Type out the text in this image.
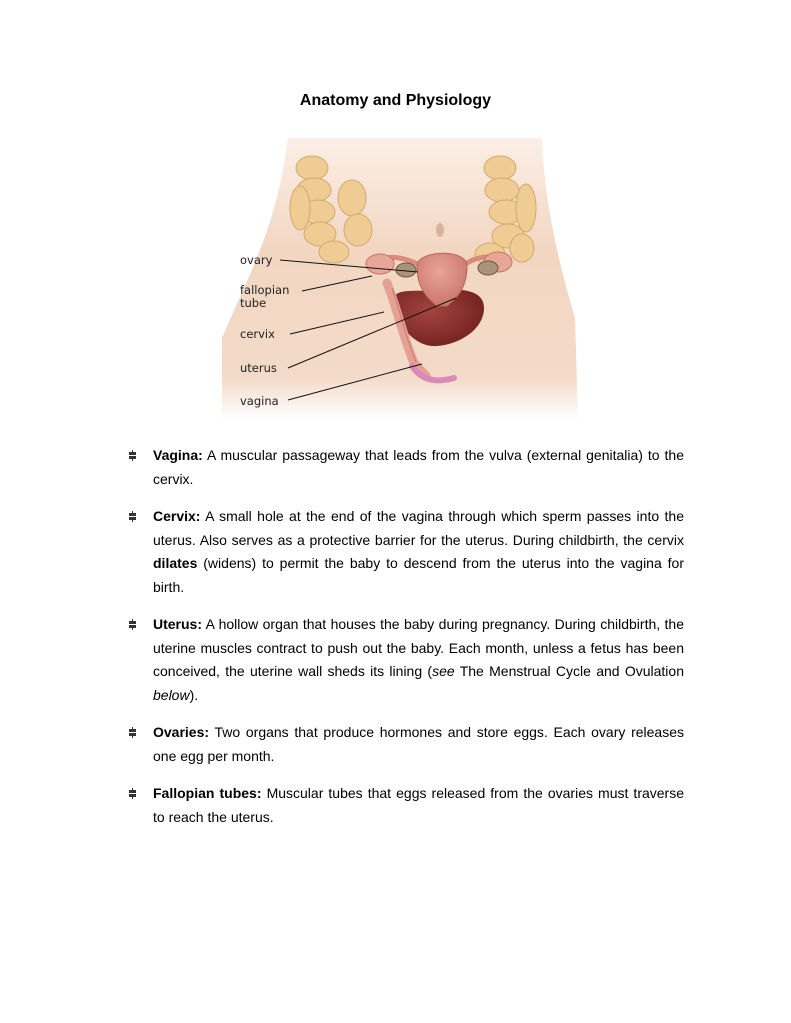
Anatomy and Physiology
ovary
fallopian
tube
cervix
uterus
vagina
Vagina: A muscular passageway that leads from the vulva (external genitalia) to the cervix.
Cervix: A small hole at the end of the vagina through which sperm passes into the uterus. Also serves as a protective barrier for the uterus. During childbirth, the cervix dilates (widens) to permit the baby to descend from the uterus into the vagina for birth.
Uterus: A hollow organ that houses the baby during pregnancy. During childbirth, the uterine muscles contract to push out the baby. Each month, unless a fetus has been conceived, the uterine wall sheds its lining (see The Menstrual Cycle and Ovulation below).
Ovaries: Two organs that produce hormones and store eggs. Each ovary releases one egg per month.
Fallopian tubes: Muscular tubes that eggs released from the ovaries must traverse to reach the uterus.
